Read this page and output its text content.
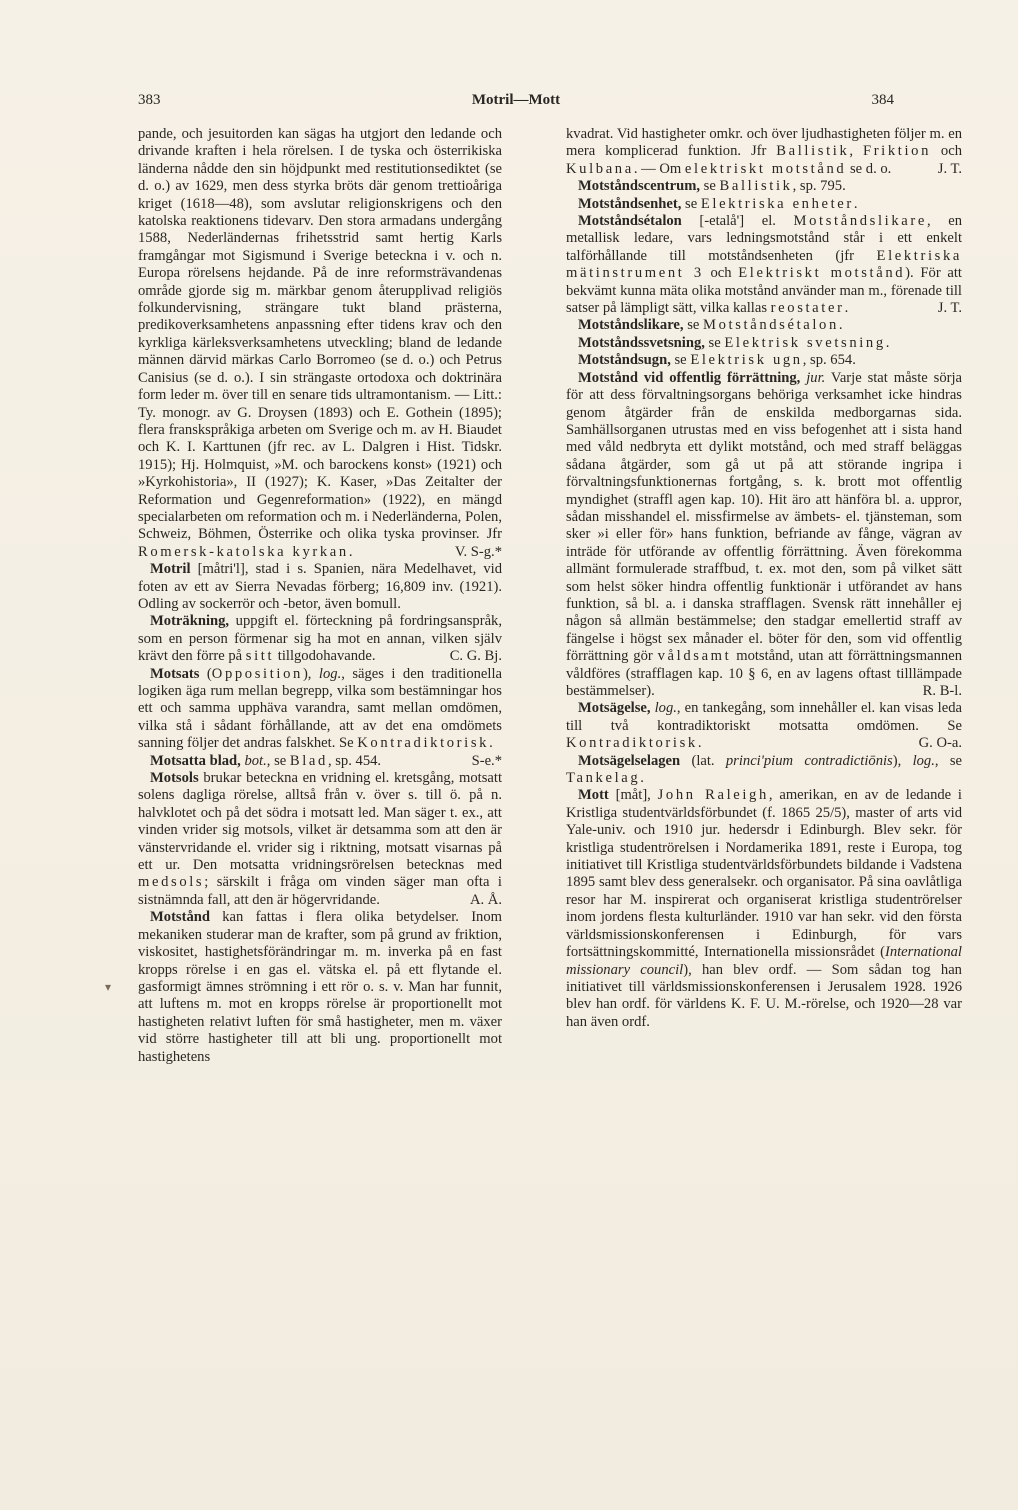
383	Motril—Mott	384
▾

pande, och jesuitorden kan sägas ha utgjort den ledande och drivande kraften i hela rörelsen. I de tyska och österrikiska länderna nådde den sin höjdpunkt med restitutionsediktet (se d. o.) av 1629, men dess styrka bröts där genom trettioåriga kriget (1618—48), som avslutar religionskrigens och den katolska reaktionens tidevarv. Den stora armadans undergång 1588, Nederländernas frihetsstrid samt hertig Karls framgångar mot Sigismund i Sverige beteckna i v. och n. Europa rörelsens hejdande. På de inre reformsträvandenas område gjorde sig m. märkbar genom återupplivad religiös folkundervisning, strängare tukt bland prästerna, predikoverksamhetens anpassning efter tidens krav och den kyrkliga kärleksverksamhetens utveckling; bland de ledande männen därvid märkas Carlo Borromeo (se d. o.) och Petrus Canisius (se d. o.). I sin strängaste ortodoxa och doktrinära form leder m. över till en senare tids ultramontanism. — Litt.: Ty. monogr. av G. Droysen (1893) och E. Gothein (1895); flera franskspråkiga arbeten om Sverige och m. av H. Biaudet och K. I. Karttunen (jfr rec. av L. Dalgren i Hist. Tidskr. 1915); Hj. Holmquist, »M. och barockens konst» (1921) och »Kyrkohistoria», II (1927); K. Kaser, »Das Zeitalter der Reformation und Gegenreformation» (1922), en mängd specialarbeten om reformation och m. i Nederländerna, Polen, Schweiz, Böhmen, Österrike och olika tyska provinser. Jfr Romersk-katolska kyrkan.	V. S-g.*

Motril [måtri'l], stad i s. Spanien, nära Medelhavet, vid foten av ett av Sierra Nevadas förberg; 16,809 inv. (1921). Odling av sockerrör och -betor, även bomull.

Moträkning, uppgift el. förteckning på fordringsanspråk, som en person förmenar sig ha mot en annan, vilken själv krävt den förre på sitt tillgodohavande.	C. G. Bj.

Motsats (Opposition), log., säges i den traditionella logiken äga rum mellan begrepp, vilka som bestämningar hos ett och samma upphäva varandra, samt mellan omdömen, vilka stå i sådant förhållande, att av det ena omdömets sanning följer det andras falskhet. Se Kontradiktorisk.
S-e.*

Motsatta blad, bot., se Blad, sp. 454.

Motsols brukar beteckna en vridning el. kretsgång, motsatt solens dagliga rörelse, alltså från v. över s. till ö. på n. halvklotet och på det södra i motsatt led. Man säger t. ex., att vinden vrider sig motsols, vilket är detsamma som att den är vänstervridande el. vrider sig i riktning, motsatt visarnas på ett ur. Den motsatta vridningsrörelsen betecknas med medsols; särskilt i fråga om vinden säger man ofta i sistnämnda fall, att den är högervridande.	A. Å.

Motstånd kan fattas i flera olika betydelser. Inom mekaniken studerar man de krafter, som på grund av friktion, viskositet, hastighetsförändringar m. m. inverka på en fast kropps rörelse i en gas el. vätska el. på ett flytande el. gasformigt ämnes strömning i ett rör o. s. v. Man har funnit, att luftens m. mot en kropps rörelse är proportionellt mot hastigheten relativt luften för små hastigheter, men m. växer vid större hastigheter till att bli ung. proportionellt mot hastighetens

kvadrat. Vid hastigheter omkr. och över ljudhastigheten följer m. en mera komplicerad funktion. Jfr Ballistik, Friktion och Kulbana. — Om elektriskt motstånd se d. o.	J. T.

Motståndscentrum, se Ballistik, sp. 795.

Motståndsenhet, se Elektriska enheter.

Motståndsétalon [-etalå'] el. Motståndslikare, en metallisk ledare, vars ledningsmotstånd står i ett enkelt talförhållande till motståndsenheten (jfr Elektriska mätinstrument 3 och Elektriskt motstånd). För att bekvämt kunna mäta olika motstånd använder man m., förenade till satser på lämpligt sätt, vilka kallas reostater.	J. T.

Motståndslikare, se Motståndsétalon.

Motståndssvetsning, se Elektrisk svetsning.

Motståndsugn, se Elektrisk ugn, sp. 654.

Motstånd vid offentlig förrättning, jur. Varje stat måste sörja för att dess förvaltningsorgans behöriga verksamhet icke hindras genom åtgärder från de enskilda medborgarnas sida. Samhällsorganen utrustas med en viss befogenhet att i sista hand med våld nedbryta ett dylikt motstånd, och med straff beläggas sådana åtgärder, som gå ut på att störande ingripa i förvaltningsfunktionernas fortgång, s. k. brott mot offentlig myndighet (straffl agen kap. 10). Hit äro att hänföra bl. a. uppror, sådan misshandel el. missfirmelse av ämbets- el. tjänsteman, som sker »i eller för» hans funktion, befriande av fånge, vägran av inträde för utförande av offentlig förrättning. Även förekomma allmänt formulerade straffbud, t. ex. mot den, som på vilket sätt som helst söker hindra offentlig funktionär i utförandet av hans funktion, så bl. a. i danska strafflagen. Svensk rätt innehåller ej någon så allmän bestämmelse; den stadgar emellertid straff av fängelse i högst sex månader el. böter för den, som vid offentlig förrättning gör våldsamt motstånd, utan att förrättningsmannen våldföres (strafflagen kap. 10 § 6, en av lagens oftast tilllämpade bestämmelser).	R. B-l.

Motsägelse, log., en tankegång, som innehåller el. kan visas leda till två kontradiktoriskt motsatta omdömen. Se Kontradiktorisk.	G. O-a.

Motsägelselagen (lat. princi'pium contradictiōnis), log., se Tankelag.

Mott [måt], John Raleigh, amerikan, en av de ledande i Kristliga studentvärldsförbundet (f. 1865 25/5), master of arts vid Yale-univ. och 1910 jur. hedersdr i Edinburgh. Blev sekr. för kristliga studentrörelsen i Nordamerika 1891, reste i Europa, tog initiativet till Kristliga studentvärldsförbundets bildande i Vadstena 1895 samt blev dess generalsekr. och organisator. På sina oavlåtliga resor har M. inspirerat och organiserat kristliga studentrörelser inom jordens flesta kulturländer. 1910 var han sekr. vid den första världsmissionskonferensen i Edinburgh, för vars fortsättningskommitté, Internationella missionsrådet (International missionary council), han blev ordf. — Som sådan tog han initiativet till världsmissionskonferensen i Jerusalem 1928. 1926 blev han ordf. för världens K. F. U. M.-rörelse, och 1920—28 var han även ordf.
